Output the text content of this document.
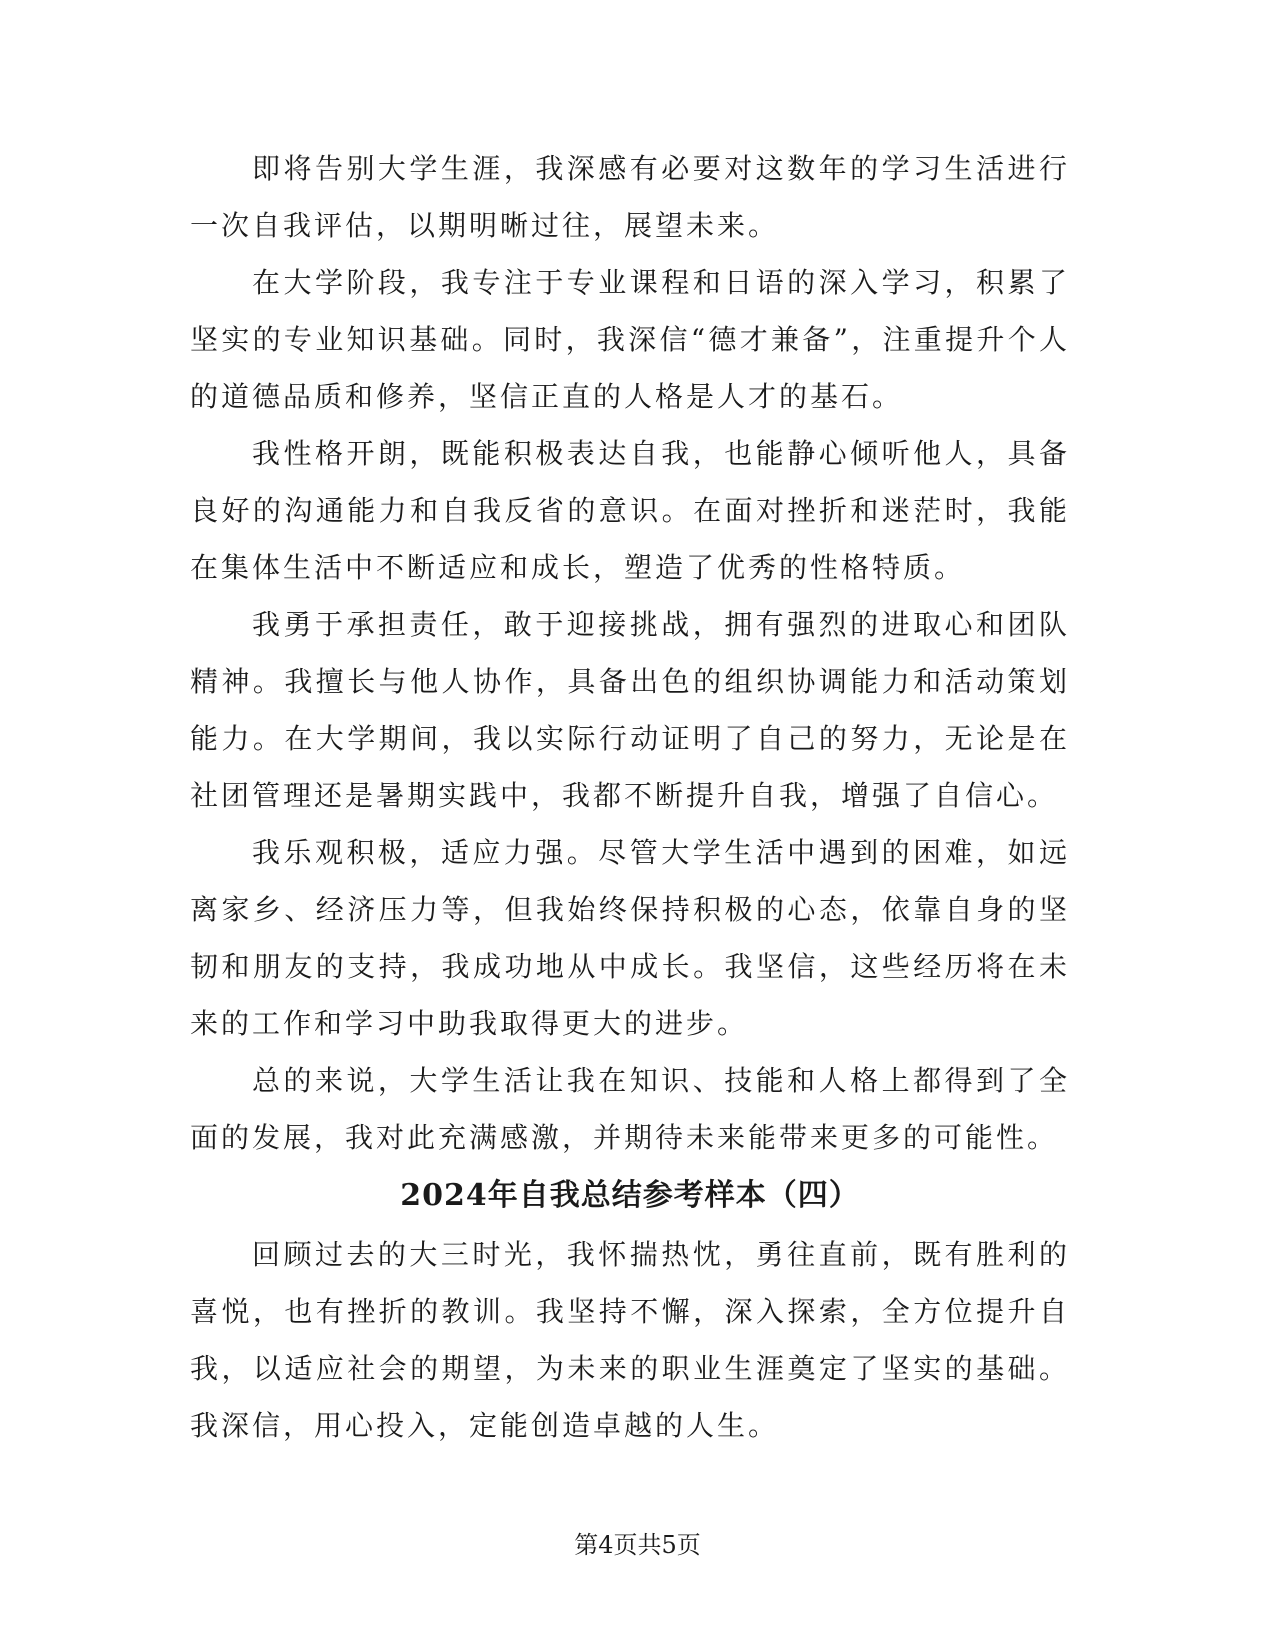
即将告别大学生涯，我深感有必要对这数年的学习生活进行一次自我评估，以期明晰过往，展望未来。

在大学阶段，我专注于专业课程和日语的深入学习，积累了坚实的专业知识基础。同时，我深信“德才兼备”，注重提升个人的道德品质和修养，坚信正直的人格是人才的基石。

我性格开朗，既能积极表达自我，也能静心倾听他人，具备良好的沟通能力和自我反省的意识。在面对挫折和迷茫时，我能在集体生活中不断适应和成长，塑造了优秀的性格特质。

我勇于承担责任，敢于迎接挑战，拥有强烈的进取心和团队精神。我擅长与他人协作，具备出色的组织协调能力和活动策划能力。在大学期间，我以实际行动证明了自己的努力，无论是在社团管理还是暑期实践中，我都不断提升自我，增强了自信心。

我乐观积极，适应力强。尽管大学生活中遇到的困难，如远离家乡、经济压力等，但我始终保持积极的心态，依靠自身的坚韧和朋友的支持，我成功地从中成长。我坚信，这些经历将在未来的工作和学习中助我取得更大的进步。

总的来说，大学生活让我在知识、技能和人格上都得到了全面的发展，我对此充满感激，并期待未来能带来更多的可能性。

2024年自我总结参考样本（四）

回顾过去的大三时光，我怀揣热忱，勇往直前，既有胜利的喜悦，也有挫折的教训。我坚持不懈，深入探索，全方位提升自我，以适应社会的期望，为未来的职业生涯奠定了坚实的基础。我深信，用心投入，定能创造卓越的人生。

第4页共5页
